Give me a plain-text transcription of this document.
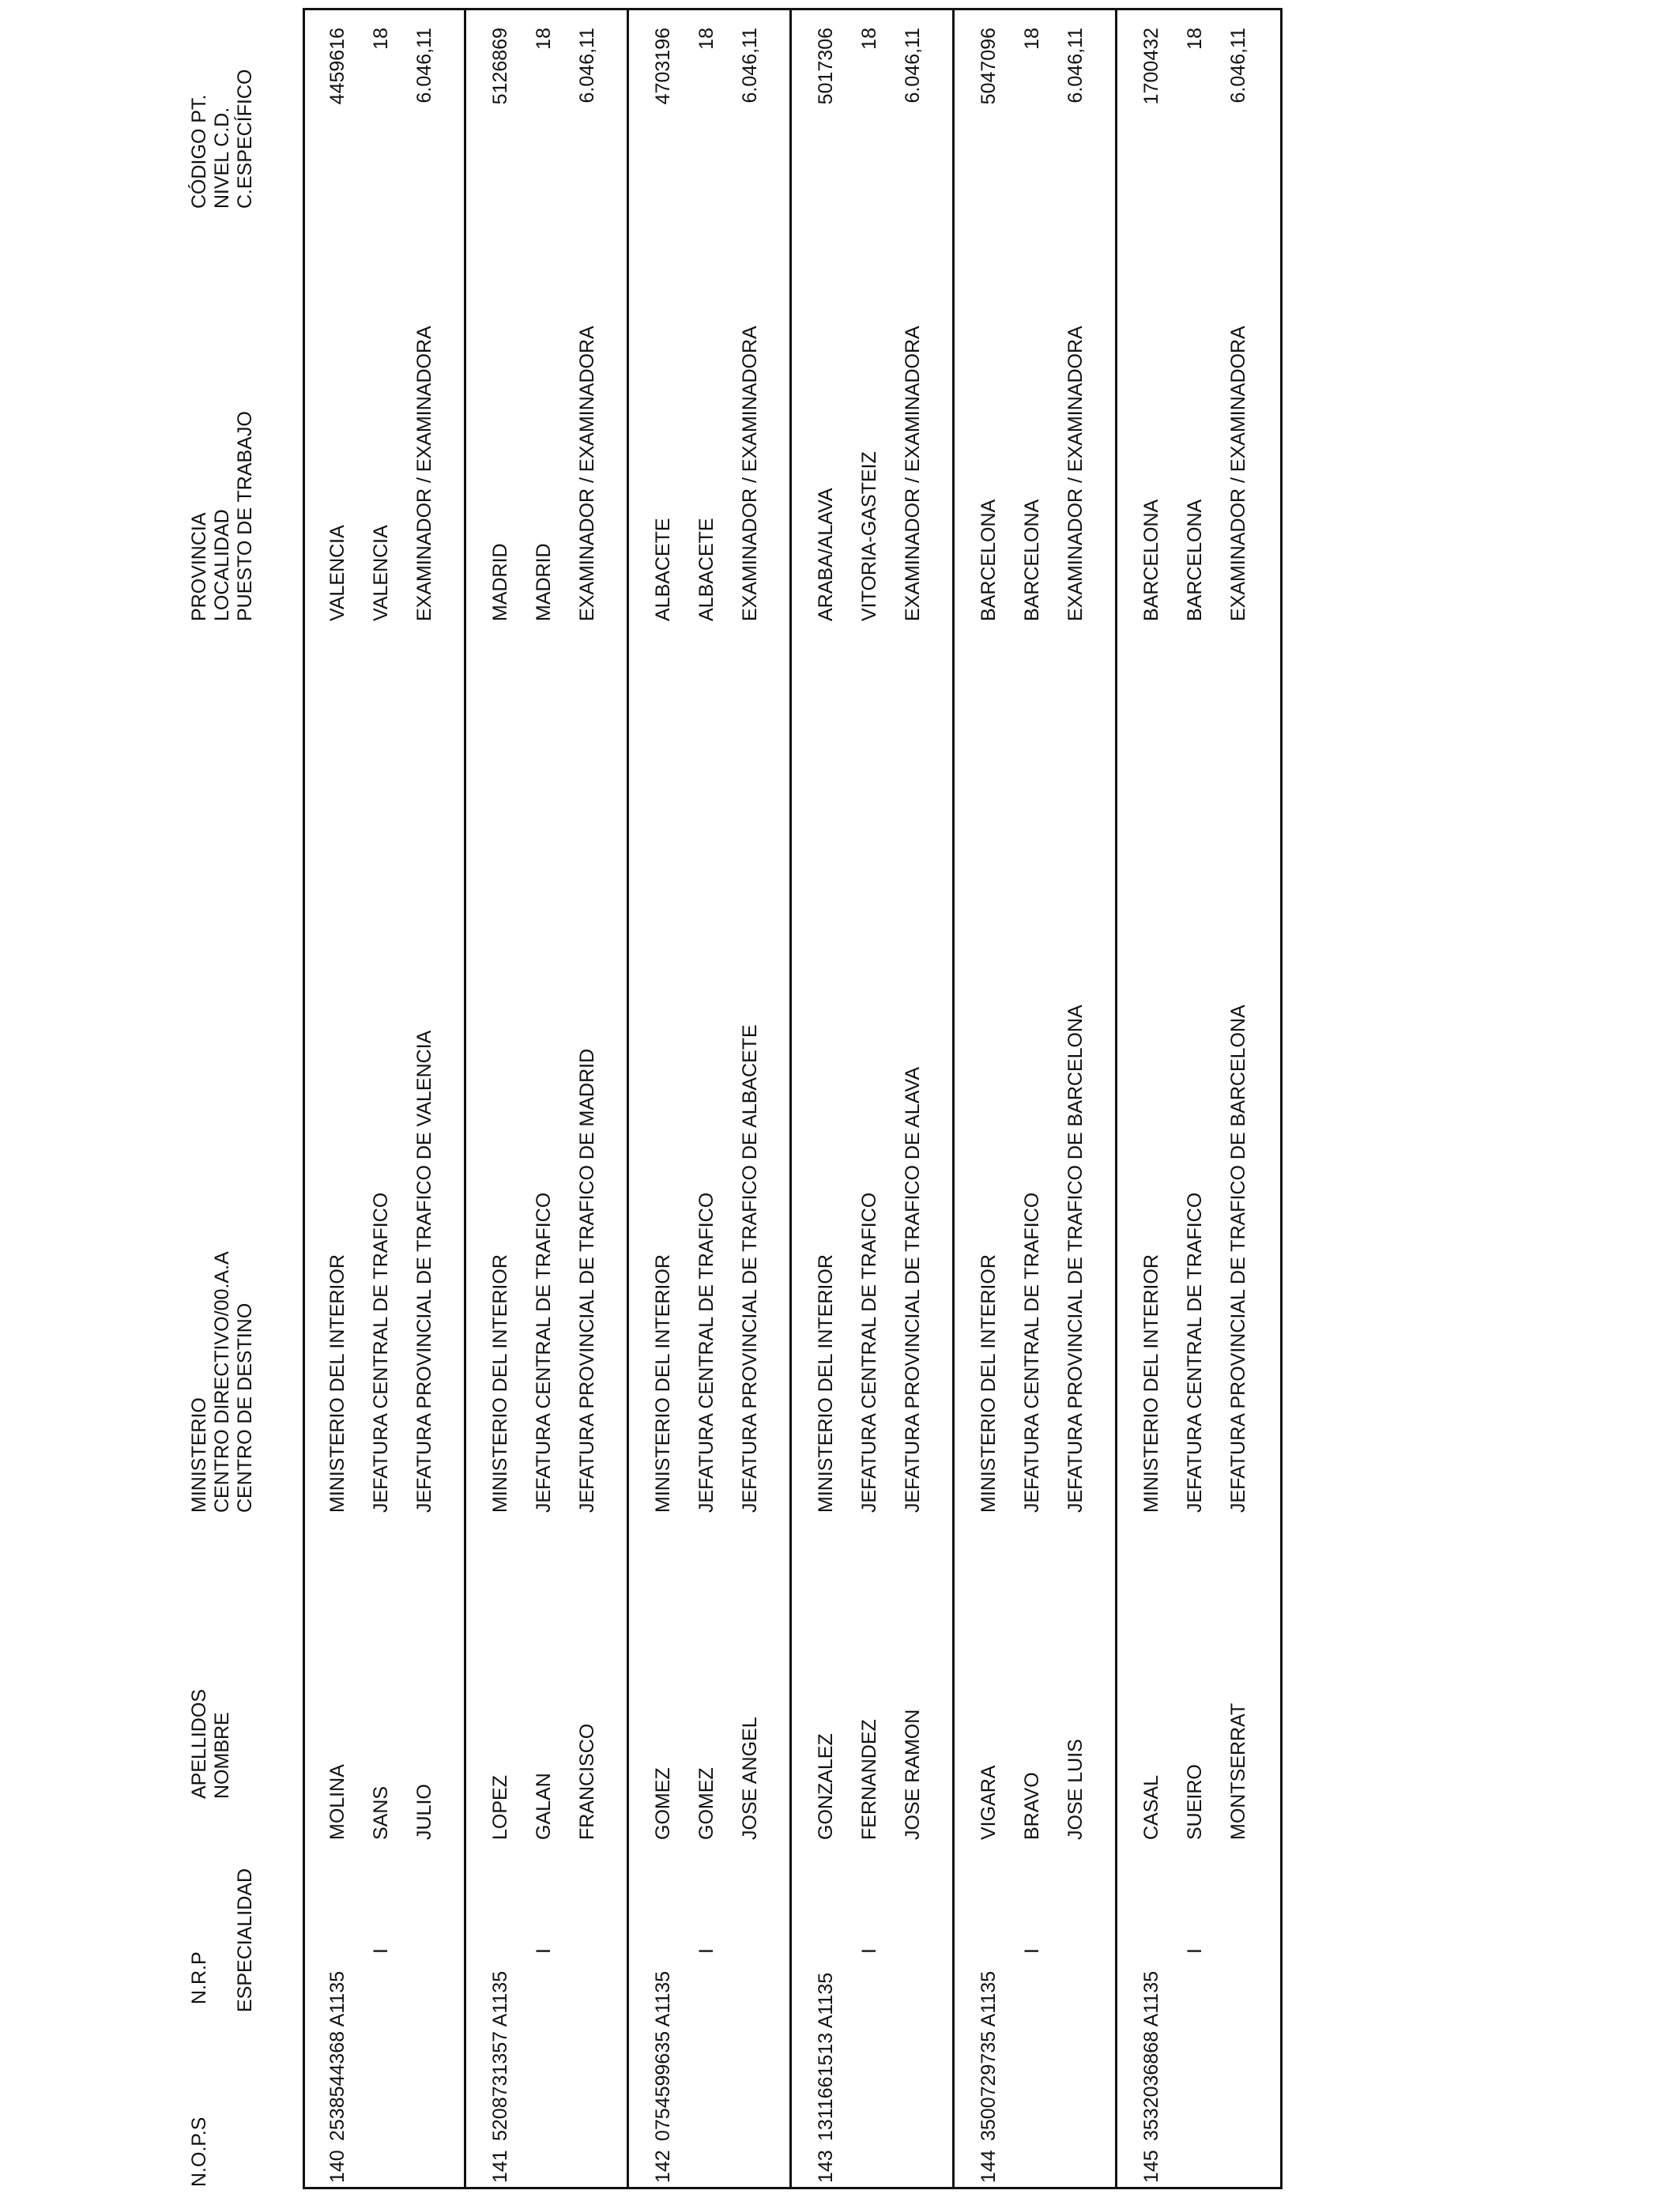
N.O.P.S
N.R.P ESPECIALIDAD
APELLIDOS NOMBRE
MINISTERIO CENTRO DIRECTIVO/00.A.A CENTRO DE DESTINO
PROVINCIA LOCALIDAD PUESTO DE TRABAJO
CÓDIGO PT. NIVEL C.D. C.ESPECÍFICO
140
2538544368 A1135
I
MOLINA SANS JULIO
MINISTERIO DEL INTERIOR JEFATURA CENTRAL DE TRAFICO JEFATURA PROVINCIAL DE TRAFICO DE VALENCIA
VALENCIA VALENCIA EXAMINADOR / EXAMINADORA
4459616 18 6.046,11
141
5208731357 A1135
I
LOPEZ GALAN FRANCISCO
MINISTERIO DEL INTERIOR JEFATURA CENTRAL DE TRAFICO JEFATURA PROVINCIAL DE TRAFICO DE MADRID
MADRID MADRID EXAMINADOR / EXAMINADORA
5126869 18 6.046,11
142
0754599635 A1135
I
GOMEZ GOMEZ JOSE ANGEL
MINISTERIO DEL INTERIOR JEFATURA CENTRAL DE TRAFICO JEFATURA PROVINCIAL DE TRAFICO DE ALBACETE
ALBACETE ALBACETE EXAMINADOR / EXAMINADORA
4703196 18 6.046,11
143
1311661513 A1135
I
GONZALEZ FERNANDEZ JOSE RAMON
MINISTERIO DEL INTERIOR JEFATURA CENTRAL DE TRAFICO JEFATURA PROVINCIAL DE TRAFICO DE ALAVA
ARABA/ALAVA VITORIA-GASTEIZ EXAMINADOR / EXAMINADORA
5017306 18 6.046,11
144
3500729735 A1135
I
VIGARA BRAVO JOSE LUIS
MINISTERIO DEL INTERIOR JEFATURA CENTRAL DE TRAFICO JEFATURA PROVINCIAL DE TRAFICO DE BARCELONA
BARCELONA BARCELONA EXAMINADOR / EXAMINADORA
5047096 18 6.046,11
145
3532036868 A1135
I
CASAL SUEIRO MONTSERRAT
MINISTERIO DEL INTERIOR JEFATURA CENTRAL DE TRAFICO JEFATURA PROVINCIAL DE TRAFICO DE BARCELONA
BARCELONA BARCELONA EXAMINADOR / EXAMINADORA
1700432 18 6.046,11
